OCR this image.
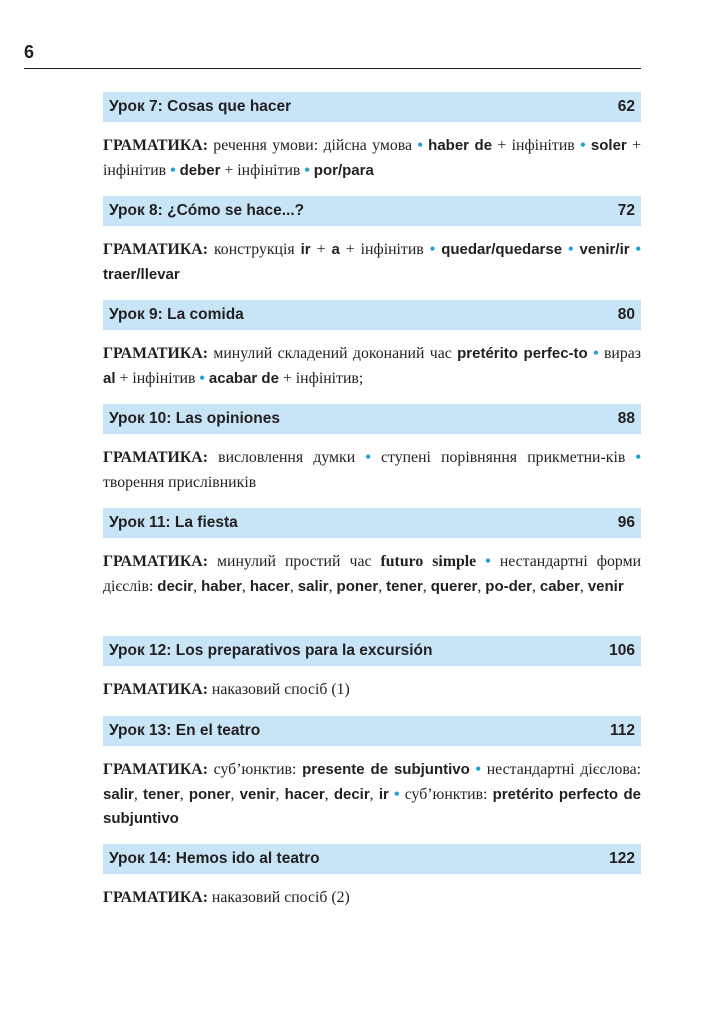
6
Урок 7: Cosas que hacer	62
ГРАМАТИКА: речення умови: дійсна умова • haber de + інфінітив • soler + інфінітив • deber + інфінітив • por/para
Урок 8: ¿Cómo se hace...?	72
ГРАМАТИКА: конструкція ir + a + інфінітив • quedar/quedarse • venir/ir • traer/llevar
Урок 9: La comida	80
ГРАМАТИКА: минулий складений доконаний час pretérito perfec-to • вираз al + інфінітив • acabar de + інфінітив;
Урок 10: Las opiniones	88
ГРАМАТИКА: висловлення думки • ступені порівняння прикметни-ків • творення прислівників
Урок 11: La fiesta	96
ГРАМАТИКА: минулий простий час futuro simple • нестандартні форми дієслів: decir, haber, hacer, salir, poner, tener, querer, po-der, caber, venir
Урок 12: Los preparativos para la excursión	106
ГРАМАТИКА: наказовий спосіб (1)
Урок 13: En el teatro	112
ГРАМАТИКА: суб’юнктив: presente de subjuntivo • нестандартні дієслова: salir, tener, poner, venir, hacer, decir, ir • суб’юнктив: pretérito perfecto de subjuntivo
Урок 14: Hemos ido al teatro	122
ГРАМАТИКА: наказовий спосіб (2)
